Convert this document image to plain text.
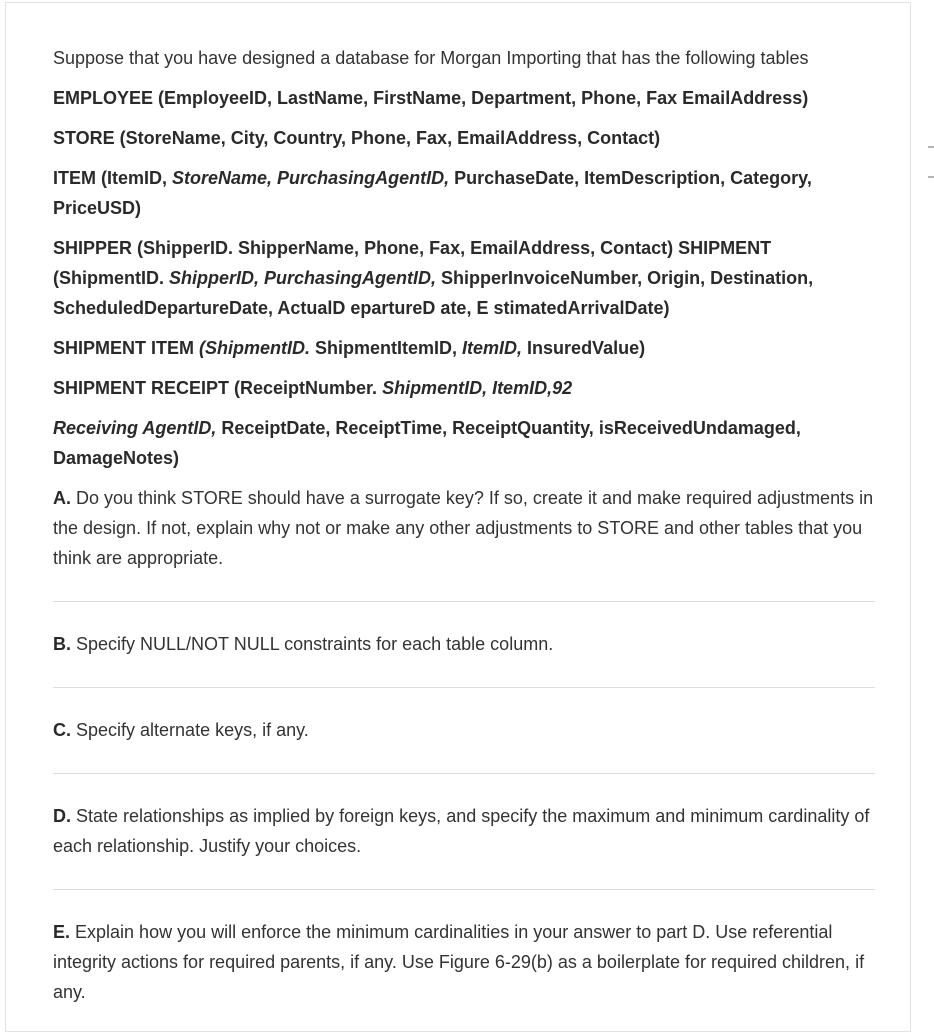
Suppose that you have designed a database for Morgan Importing that has the following tables

EMPLOYEE (EmployeeID, LastName, FirstName, Department, Phone, Fax EmailAddress)

STORE (StoreName, City, Country, Phone, Fax, EmailAddress, Contact)

ITEM (ItemID, StoreName, PurchasingAgentID, PurchaseDate, ItemDescription, Category, PriceUSD)

SHIPPER (ShipperID. ShipperName, Phone, Fax, EmailAddress, Contact) SHIPMENT (ShipmentID. ShipperID, PurchasingAgentID, ShipperInvoiceNumber, Origin, Destination, ScheduledDepartureDate, ActualD epartureD ate, E stimatedArrivalDate)

SHIPMENT ITEM (ShipmentID. ShipmentItemID, ItemID, InsuredValue)

SHIPMENT RECEIPT (ReceiptNumber. ShipmentID, ItemID,92

Receiving AgentID, ReceiptDate, ReceiptTime, ReceiptQuantity, isReceivedUndamaged, DamageNotes)

A. Do you think STORE should have a surrogate key? If so, create it and make required adjustments in the design. If not, explain why not or make any other adjustments to STORE and other tables that you think are appropriate.

B. Specify NULL/NOT NULL constraints for each table column.

C. Specify alternate keys, if any.

D. State relationships as implied by foreign keys, and specify the maximum and minimum cardinality of each relationship. Justify your choices.

E. Explain how you will enforce the minimum cardinalities in your answer to part D. Use referential integrity actions for required parents, if any. Use Figure 6-29(b) as a boilerplate for required children, if any.
